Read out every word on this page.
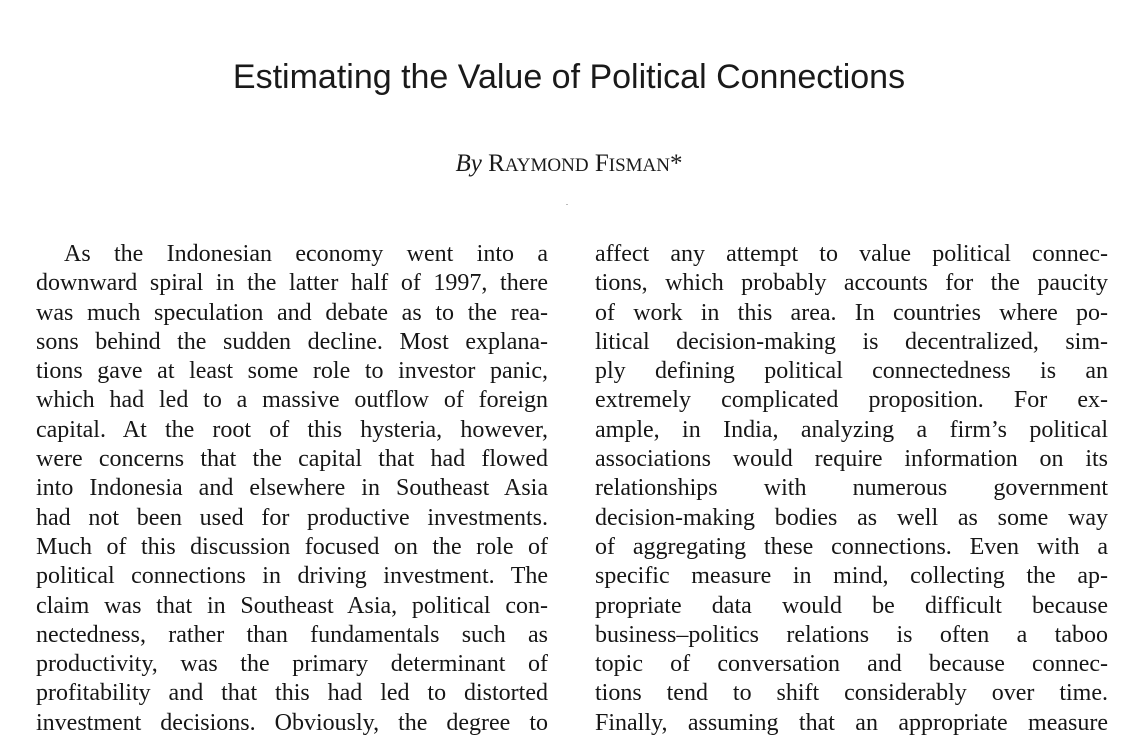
Estimating the Value of Political Connections
By RAYMOND FISMAN*
As the Indonesian economy went into a
downward spiral in the latter half of 1997, there
was much speculation and debate as to the rea-
sons behind the sudden decline. Most explana-
tions gave at least some role to investor panic,
which had led to a massive outflow of foreign
capital. At the root of this hysteria, however,
were concerns that the capital that had flowed
into Indonesia and elsewhere in Southeast Asia
had not been used for productive investments.
Much of this discussion focused on the role of
political connections in driving investment. The
claim was that in Southeast Asia, political con-
nectedness, rather than fundamentals such as
productivity, was the primary determinant of
profitability and that this had led to distorted
investment decisions. Obviously, the degree to
affect any attempt to value political connec-
tions, which probably accounts for the paucity
of work in this area. In countries where po-
litical decision-making is decentralized, sim-
ply defining political connectedness is an
extremely complicated proposition. For ex-
ample, in India, analyzing a firm’s political
associations would require information on its
relationships with numerous government
decision-making bodies as well as some way
of aggregating these connections. Even with a
specific measure in mind, collecting the ap-
propriate data would be difficult because
business–politics relations is often a taboo
topic of conversation and because connec-
tions tend to shift considerably over time.
Finally, assuming that an appropriate measure
